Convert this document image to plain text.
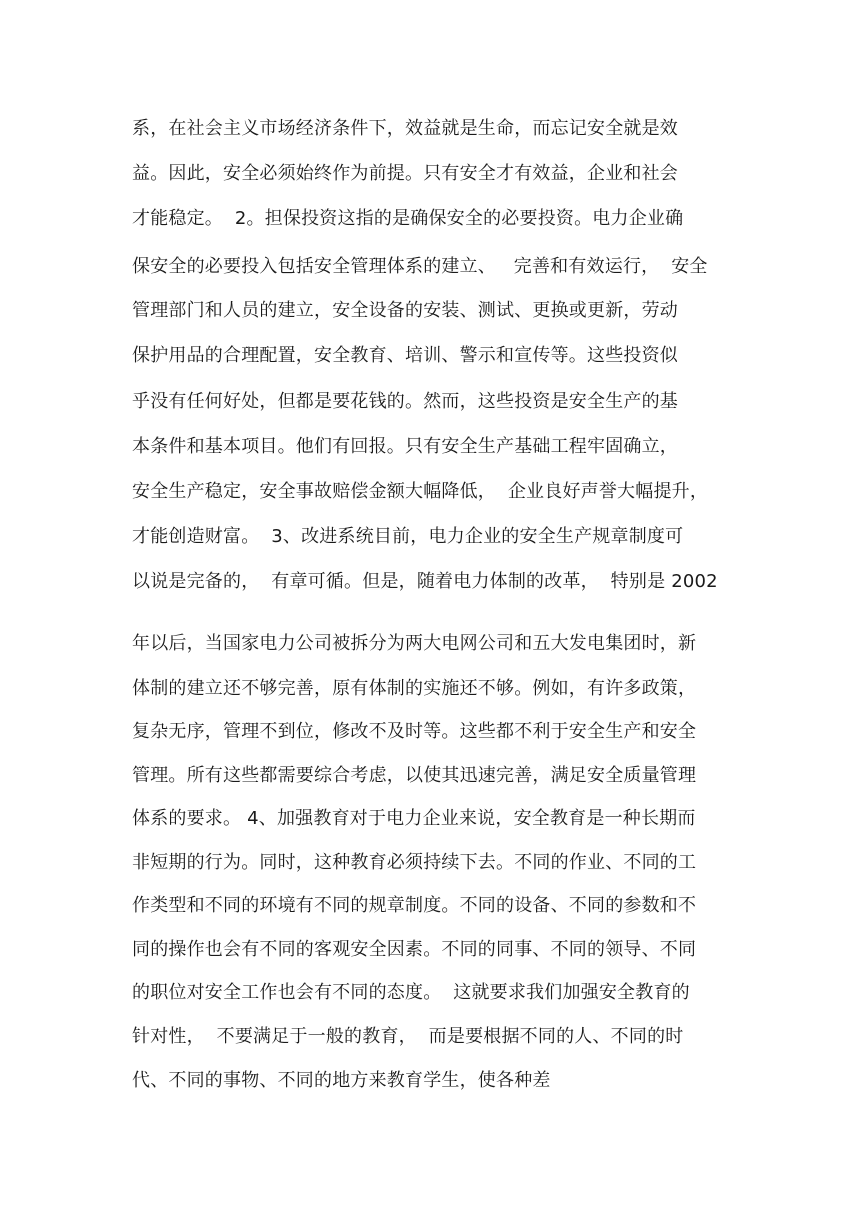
系，在社会主义市场经济条件下，效益就是生命，而忘记安全就是效
益。因此，安全必须始终作为前提。只有安全才有效益，企业和社会
才能稳定。  2。担保投资这指的是确保安全的必要投资。电力企业确
保安全的必要投入包括安全管理体系的建立、   完善和有效运行，  安全
管理部门和人员的建立，安全设备的安装、测试、更换或更新，劳动
保护用品的合理配置，安全教育、培训、警示和宣传等。这些投资似
乎没有任何好处，但都是要花钱的。然而，这些投资是安全生产的基
本条件和基本项目。他们有回报。只有安全生产基础工程牢固确立，
安全生产稳定，安全事故赔偿金额大幅降低，  企业良好声誉大幅提升，
才能创造财富。  3、改进系统目前，电力企业的安全生产规章制度可
以说是完备的，  有章可循。但是，随着电力体制的改革，  特别是 2002
年以后，当国家电力公司被拆分为两大电网公司和五大发电集团时，新
体制的建立还不够完善，原有体制的实施还不够。例如，有许多政策，
复杂无序，管理不到位，修改不及时等。这些都不利于安全生产和安全
管理。所有这些都需要综合考虑，以使其迅速完善，满足安全质量管理
体系的要求。 4、加强教育对于电力企业来说，安全教育是一种长期而
非短期的行为。同时，这种教育必须持续下去。不同的作业、不同的工
作类型和不同的环境有不同的规章制度。不同的设备、不同的参数和不
同的操作也会有不同的客观安全因素。不同的同事、不同的领导、不同
的职位对安全工作也会有不同的态度。  这就要求我们加强安全教育的
针对性，  不要满足于一般的教育，  而是要根据不同的人、不同的时
代、不同的事物、不同的地方来教育学生，使各种差
